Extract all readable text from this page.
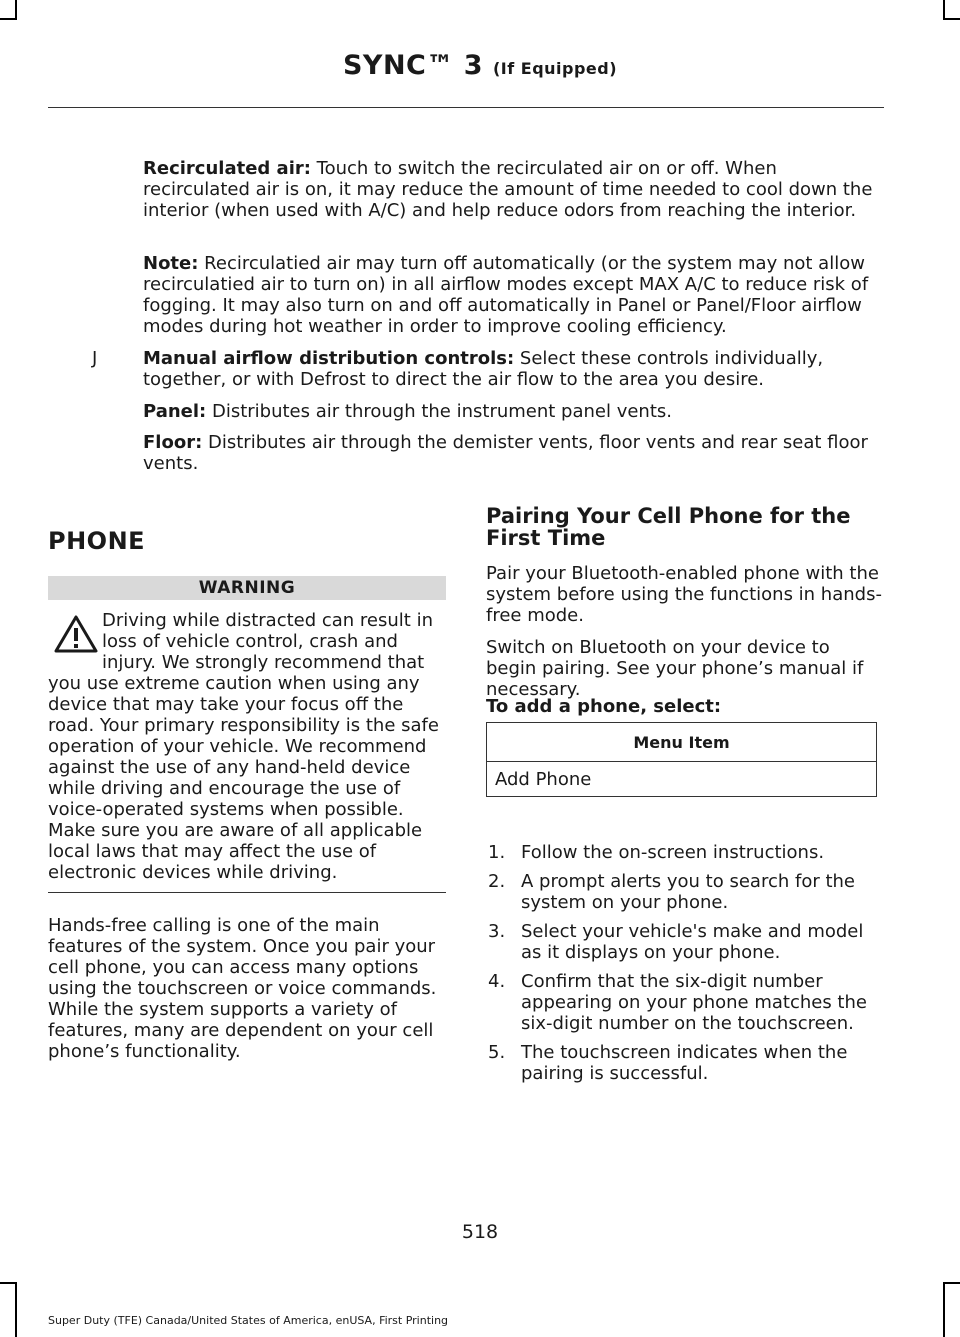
SYNC™ 3 (If Equipped)

Recirculated air: Touch to switch the recirculated air on or off. When recirculated air is on, it may reduce the amount of time needed to cool down the interior (when used with A/C) and help reduce odors from reaching the interior.

Note: Recirculatied air may turn off automatically (or the system may not allow recirculatied air to turn on) in all airflow modes except MAX A/C to reduce risk of fogging. It may also turn on and off automatically in Panel or Panel/Floor airflow modes during hot weather in order to improve cooling efficiency.

J	Manual airflow distribution controls: Select these controls individually, together, or with Defrost to direct the air flow to the area you desire.

Panel: Distributes air through the instrument panel vents.

Floor: Distributes air through the demister vents, floor vents and rear seat floor vents.

PHONE
WARNING
Driving while distracted can result in loss of vehicle control, crash and injury. We strongly recommend that you use extreme caution when using any device that may take your focus off the road. Your primary responsibility is the safe operation of your vehicle. We recommend against the use of any hand-held device while driving and encourage the use of voice-operated systems when possible. Make sure you are aware of all applicable local laws that may affect the use of electronic devices while driving.

Hands-free calling is one of the main features of the system. Once you pair your cell phone, you can access many options using the touchscreen or voice commands. While the system supports a variety of features, many are dependent on your cell phone’s functionality.

Pairing Your Cell Phone for the First Time

Pair your Bluetooth-enabled phone with the system before using the functions in hands-free mode.

Switch on Bluetooth on your device to begin pairing. See your phone’s manual if necessary.

To add a phone, select:

Menu Item
Add Phone
1. Follow the on-screen instructions.
2. A prompt alerts you to search for the system on your phone.
3. Select your vehicle's make and model as it displays on your phone.
4. Confirm that the six-digit number appearing on your phone matches the six-digit number on the touchscreen.
5. The touchscreen indicates when the pairing is successful.
518
Super Duty (TFE) Canada/United States of America, enUSA, First Printing
